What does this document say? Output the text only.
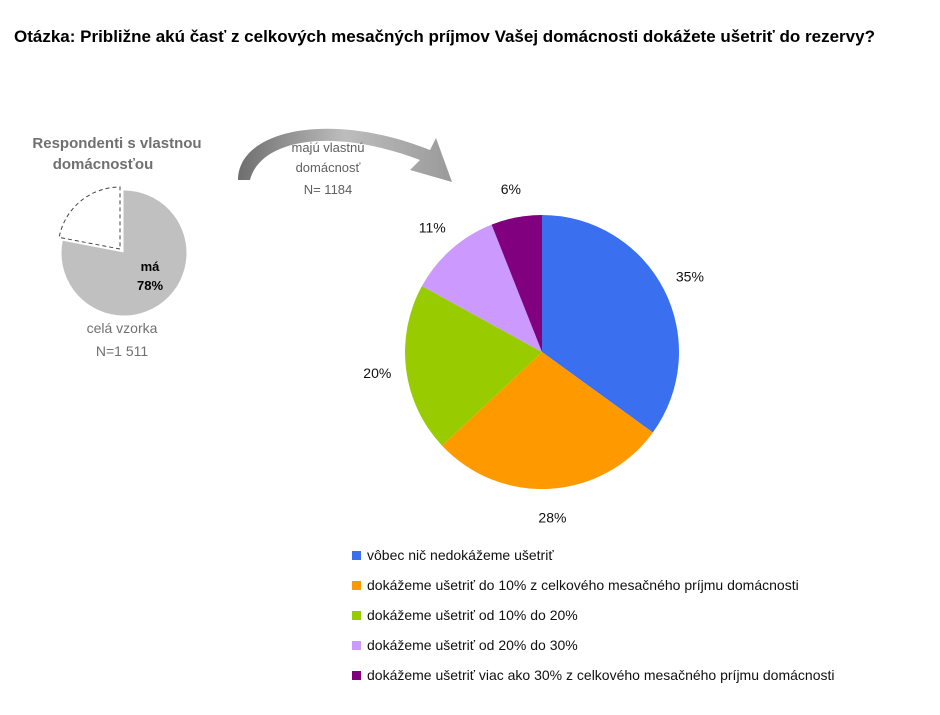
Otázka: Približne akú časť z celkových mesačných príjmov Vašej domácnosti dokážete ušetriť do rezervy?
Respondenti s vlastnou
domácnosťou
má
78%
celá vzorka
N=1 511
majú vlastnú
domácnosť
N= 1184
35%
28%
20%
11%
6%
vôbec nič nedokážeme ušetriť
dokážeme ušetriť do 10% z celkového mesačného príjmu domácnosti
dokážeme ušetriť od 10% do 20%
dokážeme ušetriť od 20% do 30%
dokážeme ušetriť viac ako 30% z celkového mesačného príjmu domácnosti
